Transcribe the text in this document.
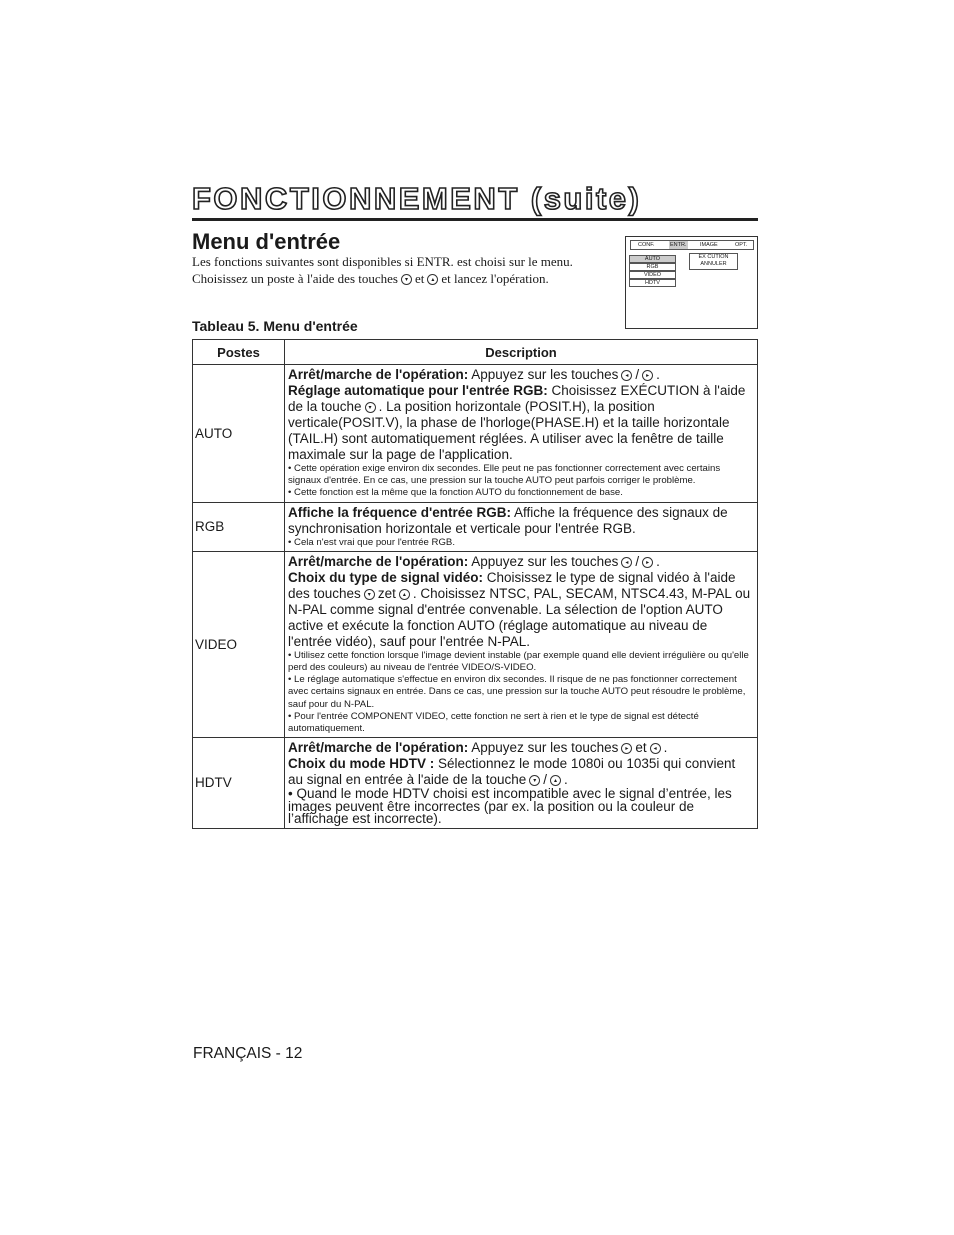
FONCTIONNEMENT (suite)
Menu d'entrée
Les fonctions suivantes sont disponibles si ENTR. est choisi sur le menu.
Choisissez un poste à l'aide des touches ▾ et ▴ et lancez l'opération.
CONF.	ENTR. IMAGE	OPT.
AUTO
RGB
VIDEO
HDTV
EX CUTION
ANNULER
Tableau 5. Menu d'entrée
Postes	Description
AUTO	Arrêt/marche de l'opération: Appuyez sur les touches ◂ / ▸ .
Réglage automatique pour l'entrée RGB: Choisissez EXÉCUTION à l'aide de la touche ▾ . La position horizontale (POSIT.H), la position verticale(POSIT.V), la phase de l'horloge(PHASE.H) et la taille horizontale (TAIL.H) sont automatiquement réglées. A utiliser avec la fenêtre de taille maximale sur la page de l'application.
• Cette opération exige environ dix secondes. Elle peut ne pas fonctionner correctement avec certains signaux d'entrée. En ce cas, une pression sur la touche AUTO peut parfois corriger le problème.
• Cette fonction est la même que la fonction AUTO du fonctionnement de base.

RGB	Affiche la fréquence d'entrée RGB: Affiche la fréquence des signaux de synchronisation horizontale et verticale pour l'entrée RGB.
• Cela n'est vrai que pour l'entrée RGB.

VIDEO	Arrêt/marche de l'opération: Appuyez sur les touches ◂ / ▸ .
Choix du type de signal vidéo: Choisissez le type de signal vidéo à l'aide des touches ▾ zet ▴ . Choisissez NTSC, PAL, SECAM, NTSC4.43, M-PAL ou N-PAL comme signal d'entrée convenable. La sélection de l'option AUTO active et exécute la fonction AUTO (réglage automatique au niveau de l'entrée vidéo), sauf pour l'entrée N-PAL.
• Utilisez cette fonction lorsque l'image devient instable (par exemple quand elle devient irrégulière ou qu'elle perd des couleurs) au niveau de l'entrée VIDEO/S-VIDEO.
• Le réglage automatique s'effectue en environ dix secondes. Il risque de ne pas fonctionner correctement avec certains signaux en entrée. Dans ce cas, une pression sur la touche AUTO peut résoudre le problème, sauf pour du N-PAL.
• Pour l'entrée COMPONENT VIDEO, cette fonction ne sert à rien et le type de signal est détecté automatiquement.

HDTV	Arrêt/marche de l'opération: Appuyez sur les touches ▸ et ◂ .
Choix du mode HDTV : Sélectionnez le mode 1080i ou 1035i qui convient au signal en entrée à l'aide de la touche ▾ / ▴ .
• Quand le mode HDTV choisi est incompatible avec le signal d’entrée, les images peuvent être incorrectes (par ex. la position ou la couleur de l’affichage est incorrecte).
FRANÇAIS - 12
